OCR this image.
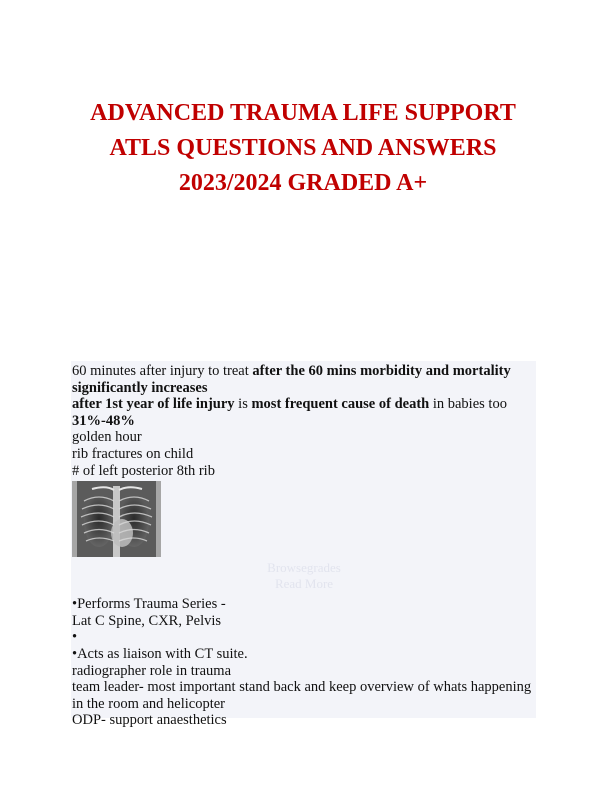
ADVANCED TRAUMA LIFE SUPPORT
ATLS QUESTIONS AND ANSWERS
2023/2024 GRADED A+

60 minutes after injury to treat after the 60 mins morbidity and mortality significantly increases

after 1st year of life injury is most frequent cause of death in babies too 31%-48%

golden hour

rib fractures on child

# of left posterior 8th rib

Browsegrades
Read More

•Performs Trauma Series -

Lat C Spine, CXR, Pelvis

•

•Acts as liaison with CT suite.

radiographer role in trauma

team leader- most important stand back and keep overview of whats happening in the room and helicopter

ODP- support anaesthetics
